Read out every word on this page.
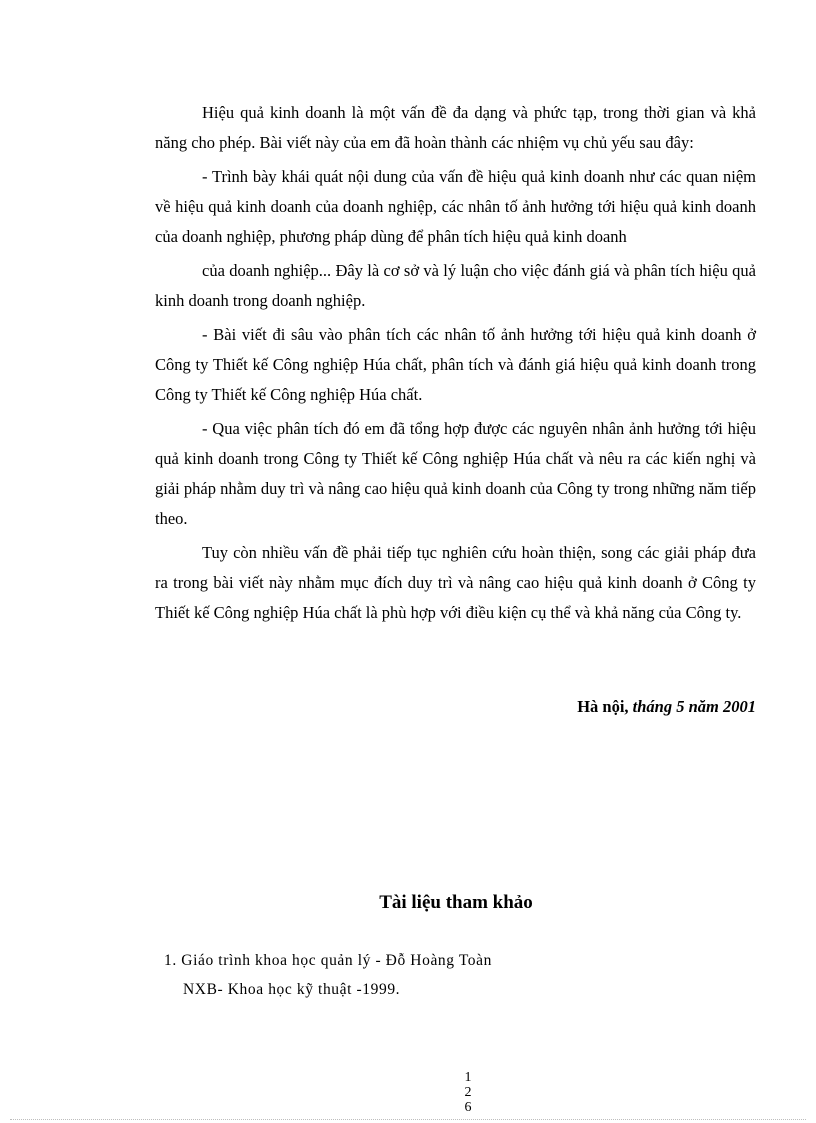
Hiệu quả kinh doanh là một vấn đề đa dạng và phức tạp, trong thời gian và khả năng cho phép. Bài viết này của em đã hoàn thành các nhiệm vụ chủ yếu sau đây:

- Trình bày khái quát nội dung của vấn đề hiệu quả kinh doanh như các quan niệm về hiệu quả kinh doanh của doanh nghiệp, các nhân tố ảnh hưởng tới hiệu quả kinh doanh của doanh nghiệp, phương pháp dùng để phân tích hiệu quả kinh doanh

của doanh nghiệp... Đây là cơ sở và lý luận cho việc đánh giá và phân tích hiệu quả kinh doanh trong doanh nghiệp.

- Bài viết đi sâu vào phân tích các nhân tố ảnh hưởng tới hiệu quả kinh doanh ở Công ty Thiết kế Công nghiệp Húa chất, phân tích và đánh giá hiệu quả kinh doanh trong Công ty Thiết kế Công nghiệp Húa chất.

- Qua việc phân tích đó em đã tổng hợp được các nguyên nhân ảnh hưởng tới hiệu quả kinh doanh trong Công ty Thiết kế Công nghiệp Húa chất và nêu ra các kiến nghị và giải pháp nhằm duy trì và nâng cao hiệu quả kinh doanh của Công ty trong những năm tiếp theo.

Tuy còn nhiều vấn đề phải tiếp tục nghiên cứu hoàn thiện, song các giải pháp đưa ra trong bài viết này nhằm mục đích duy trì và nâng cao hiệu quả kinh doanh ở Công ty Thiết kế Công nghiệp Húa chất là phù hợp với điều kiện cụ thể và khả năng của Công ty.

Hà nội, tháng 5 năm 2001
Tài liệu tham khảo
1. Giáo trình khoa học quản lý - Đỗ Hoàng Toàn
NXB- Khoa học kỹ thuật -1999.
1
2
6
